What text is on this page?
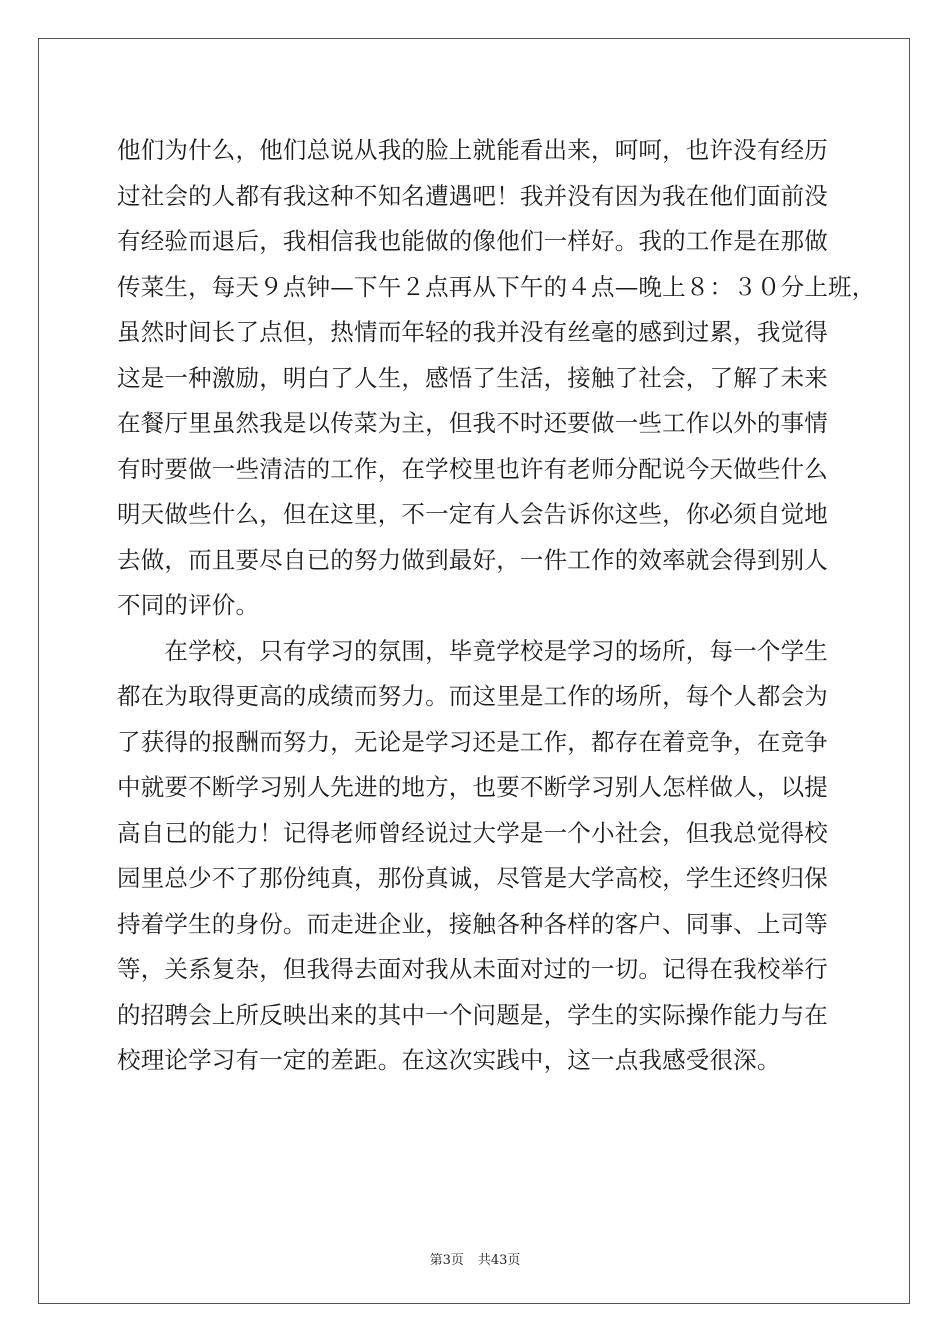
他们为什么，他们总说从我的脸上就能看出来，呵呵，也许没有经历
过社会的人都有我这种不知名遭遇吧！我并没有因为我在他们面前没
有经验而退后，我相信我也能做的像他们一样好。我的工作是在那做
传菜生，每天９点钟—下午２点再从下午的４点—晚上８：３０分上班，
虽然时间长了点但，热情而年轻的我并没有丝毫的感到过累，我觉得
这是一种激励，明白了人生，感悟了生活，接触了社会，了解了未来
在餐厅里虽然我是以传菜为主，但我不时还要做一些工作以外的事情
有时要做一些清洁的工作，在学校里也许有老师分配说今天做些什么
明天做些什么，但在这里，不一定有人会告诉你这些，你必须自觉地
去做，而且要尽自已的努力做到最好，一件工作的效率就会得到别人
不同的评价。
　　在学校，只有学习的氛围，毕竟学校是学习的场所，每一个学生
都在为取得更高的成绩而努力。而这里是工作的场所，每个人都会为
了获得的报酬而努力，无论是学习还是工作，都存在着竞争，在竞争
中就要不断学习别人先进的地方，也要不断学习别人怎样做人，以提
高自已的能力！记得老师曾经说过大学是一个小社会，但我总觉得校
园里总少不了那份纯真，那份真诚，尽管是大学高校，学生还终归保
持着学生的身份。而走进企业，接触各种各样的客户、同事、上司等
等，关系复杂，但我得去面对我从未面对过的一切。记得在我校举行
的招聘会上所反映出来的其中一个问题是，学生的实际操作能力与在
校理论学习有一定的差距。在这次实践中，这一点我感受很深。
第3页 共43页
